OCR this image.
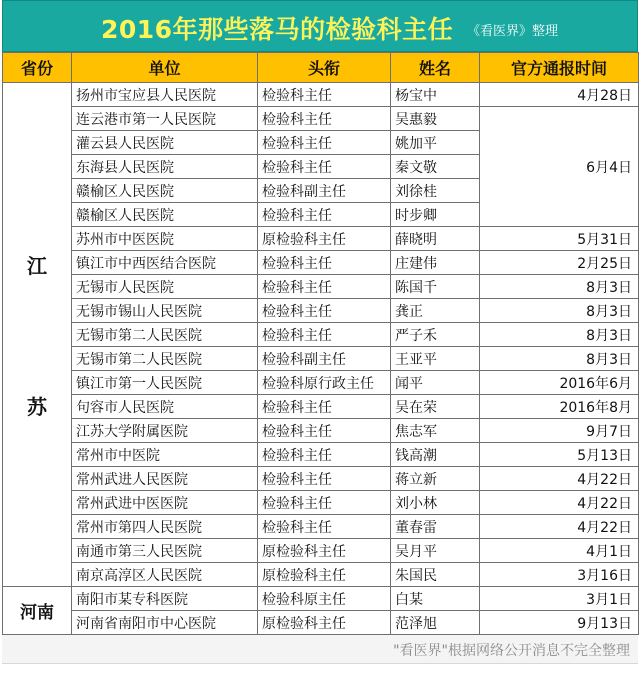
2016年那些落马的检验科主任 《看医界》整理
省份	单位	头衔	姓名	官方通报时间

江
苏	扬州市宝应县人民医院	检验科主任	杨宝中	4月28日
	连云港市第一人民医院	检验科主任	吴惠毅	6月4日
	灌云县人民医院	检验科主任	姚加平	
	东海县人民医院	检验科主任	秦文敬	
	赣榆区人民医院	检验科副主任	刘徐桂	
	赣榆区人民医院	检验科主任	时步卿	
	苏州市中医医院	原检验科主任	薛晓明	5月31日
	镇江市中西医结合医院	检验科主任	庄建伟	2月25日
	无锡市人民医院	检验科主任	陈国千	8月3日
	无锡市锡山人民医院	检验科主任	龚正	8月3日
	无锡市第二人民医院	检验科主任	严子禾	8月3日
	无锡市第二人民医院	检验科副主任	王亚平	8月3日
	镇江市第一人民医院	检验科原行政主任	闻平	2016年6月
	句容市人民医院	检验科主任	吴在荣	2016年8月
	江苏大学附属医院	检验科主任	焦志军	9月7日
	常州市中医院	检验科主任	钱高潮	5月13日
	常州武进人民医院	检验科主任	蒋立新	4月22日
	常州武进中医医院	检验科主任	刘小林	4月22日
	常州市第四人民医院	检验科主任	董春雷	4月22日
	南通市第三人民医院	原检验科主任	吴月平	4月1日
	南京高淳区人民医院	原检验科主任	朱国民	3月16日
河南	南阳市某专科医院	检验科原主任	白某	3月1日
	河南省南阳市中心医院	原检验科主任	范泽旭	9月13日
"看医界"根据网络公开消息不完全整理
